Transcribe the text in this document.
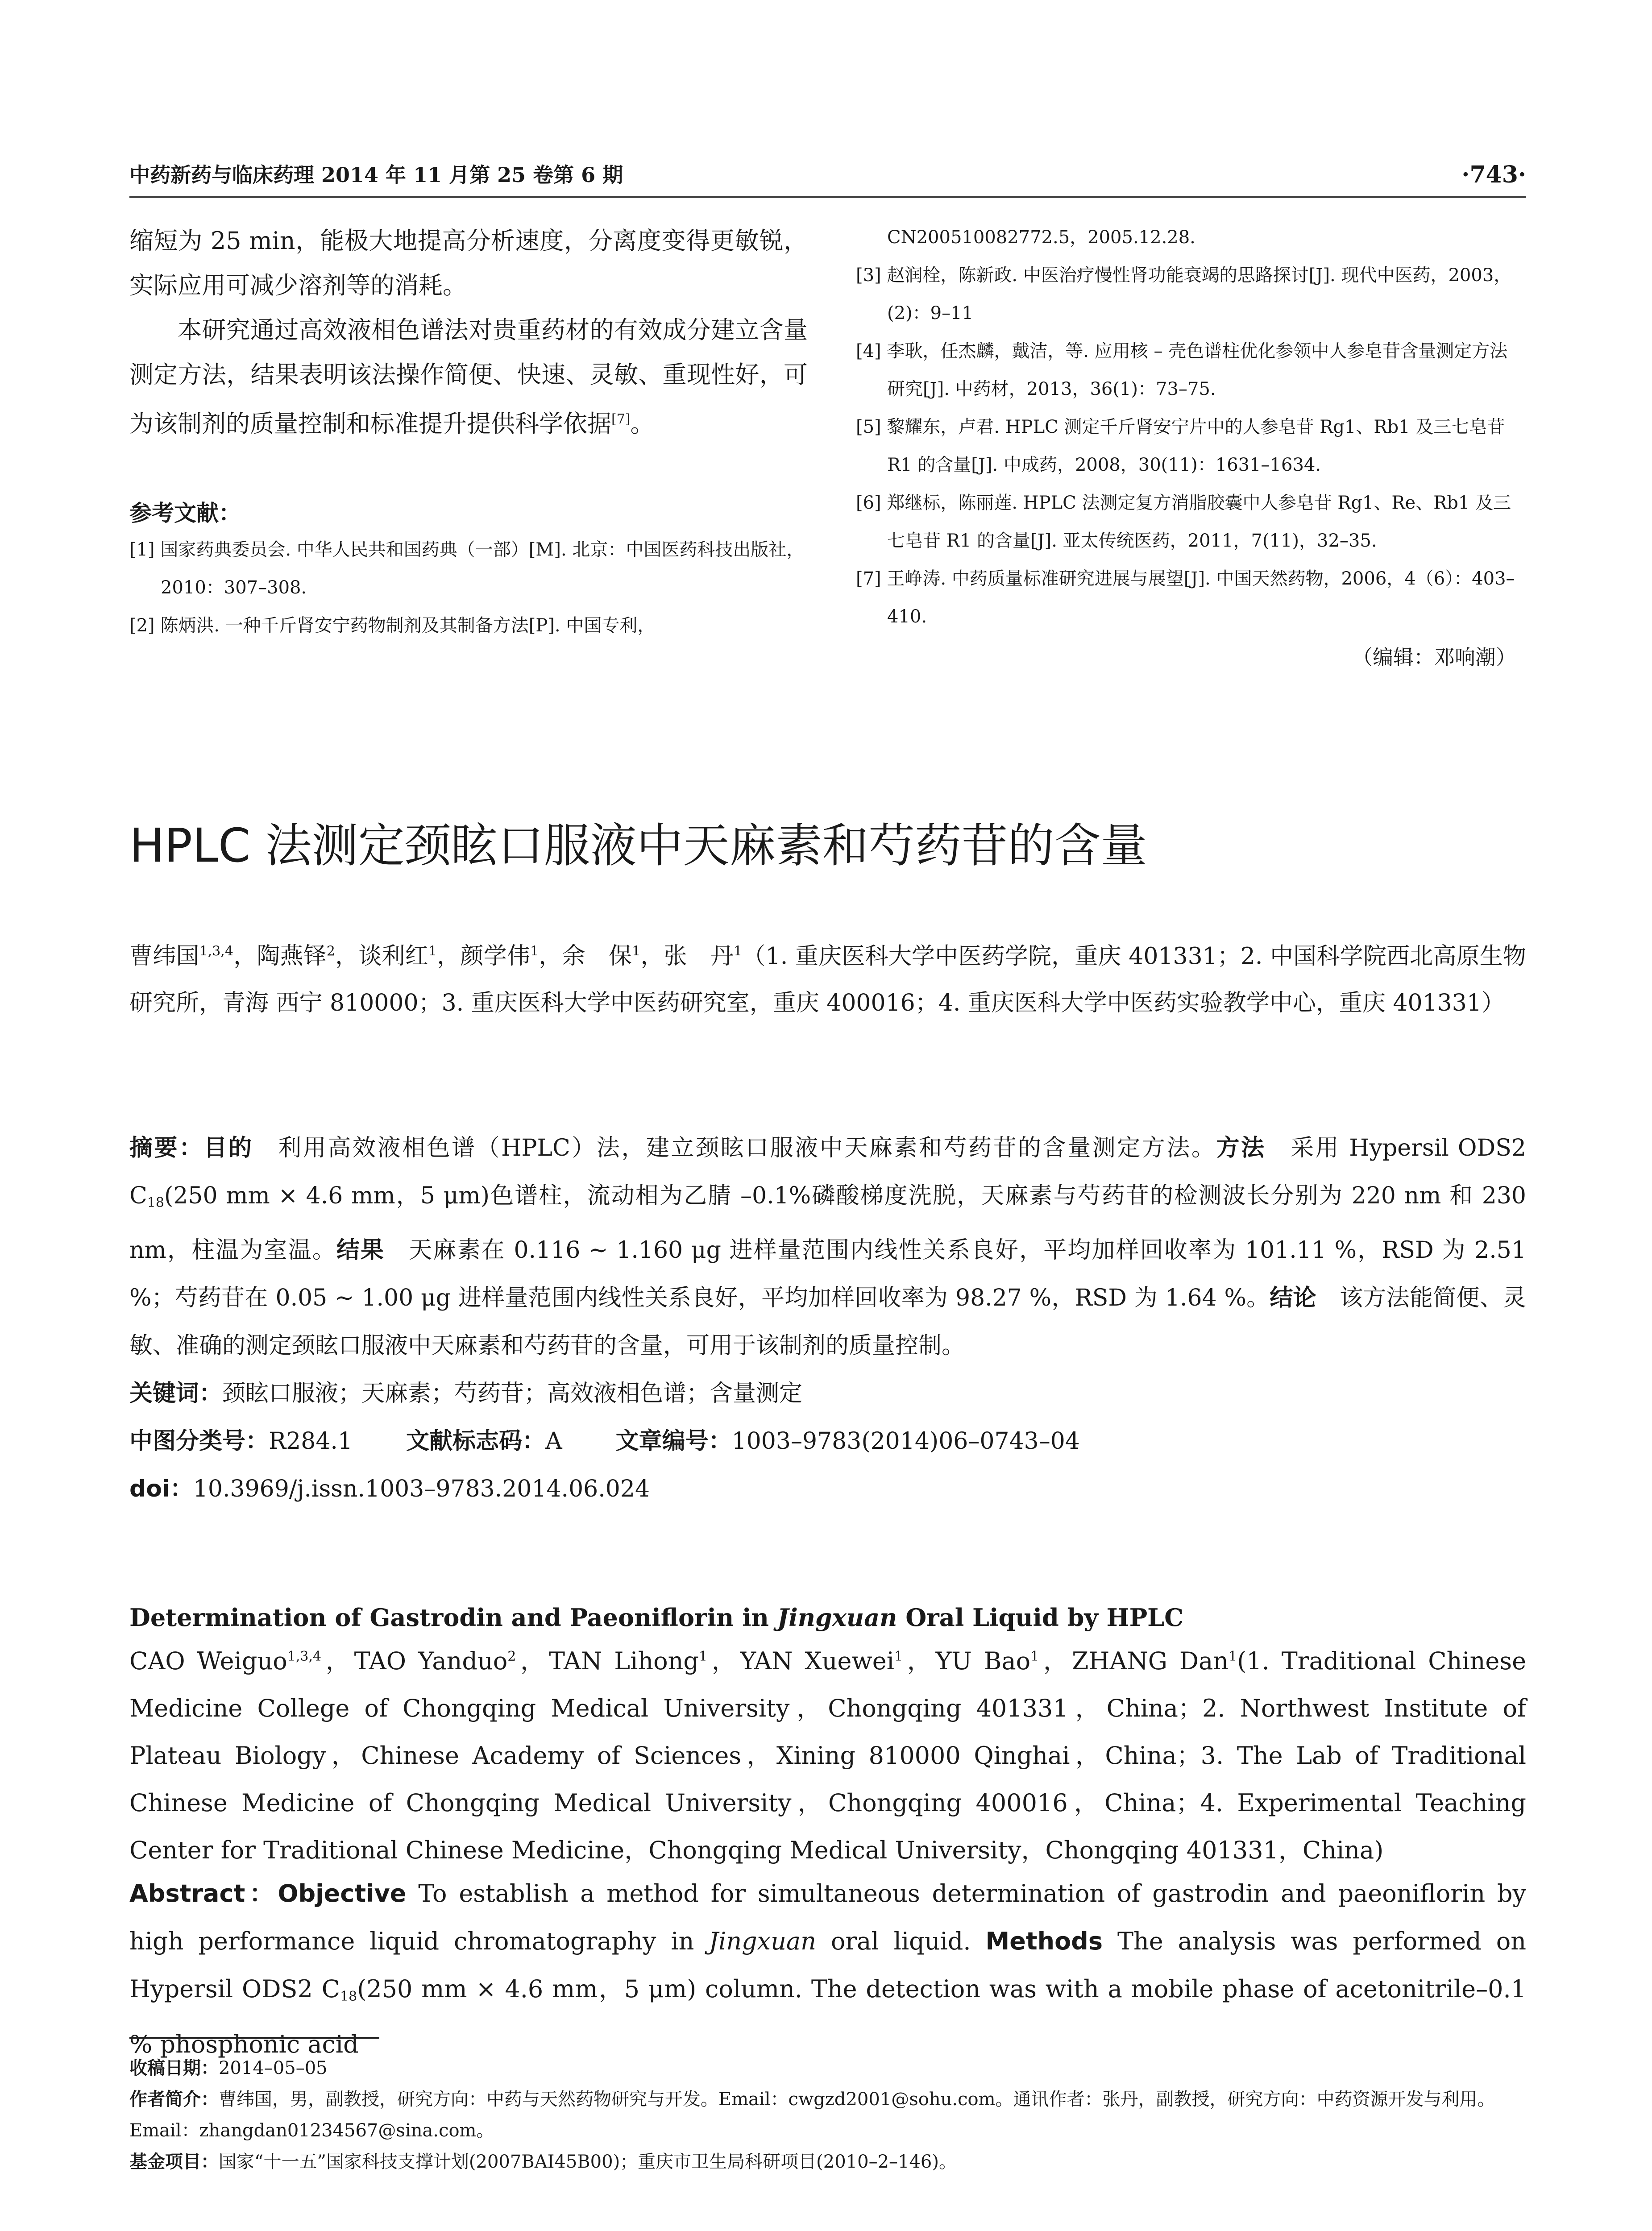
中药新药与临床药理 2014 年 11 月第 25 卷第 6 期	·743·

缩短为 25 min，能极大地提高分析速度，分离度变得更敏锐，实际应用可减少溶剂等的消耗。

本研究通过高效液相色谱法对贵重药材的有效成分建立含量测定方法，结果表明该法操作简便、快速、灵敏、重现性好，可为该制剂的质量控制和标准提升提供科学依据[7]。

参考文献：

[1] 国家药典委员会. 中华人民共和国药典（一部）[M]. 北京：中国医药科技出版社，2010：307–308.

[2] 陈炳洪. 一种千斤肾安宁药物制剂及其制备方法[P]. 中国专利，

CN200510082772.5，2005.12.28.

[3] 赵润栓，陈新政. 中医治疗慢性肾功能衰竭的思路探讨[J]. 现代中医药，2003，(2)：9–11

[4] 李耿，任杰麟，戴洁，等. 应用核 – 壳色谱柱优化参领中人参皂苷含量测定方法研究[J]. 中药材，2013，36(1)：73–75.

[5] 黎耀东，卢君. HPLC 测定千斤肾安宁片中的人参皂苷 Rg1、Rb1 及三七皂苷 R1 的含量[J]. 中成药，2008，30(11)：1631–1634.

[6] 郑继标，陈丽莲. HPLC 法测定复方消脂胶囊中人参皂苷 Rg1、Re、Rb1 及三七皂苷 R1 的含量[J]. 亚太传统医药，2011，7(11)，32–35.

[7] 王峥涛. 中药质量标准研究进展与展望[J]. 中国天然药物，2006，4（6）：403–410.

（编辑：邓响潮）
HPLC 法测定颈眩口服液中天麻素和芍药苷的含量
曹纬国$^{1,3,4}$，陶燕铎$^2$，谈利红$^1$，颜学伟$^1$，余　保$^1$，张　丹$^1$（1. 重庆医科大学中医药学院，重庆 401331；2. 中国科学院西北高原生物研究所，青海 西宁 810000；3. 重庆医科大学中医药研究室，重庆 400016；4. 重庆医科大学中医药实验教学中心，重庆 401331）
摘要：目的　 利用高效液相色谱（HPLC）法，建立颈眩口服液中天麻素和芍药苷的含量测定方法。方法　 采用 Hypersil ODS2 $C_{18}(250$ mm × 4.6 mm，5 μm)色谱柱，流动相为乙腈 –0.1%磷酸梯度洗脱，天麻素与芍药苷的检测波长分别为 220 nm 和 230 nm，柱温为室温。结果　 天麻素在 0.116 ~ 1.160 μg 进样量范围内线性关系良好，平均加样回收率为 101.11 %，RSD 为 2.51 %；芍药苷在 0.05 ~ 1.00 μg 进样量范围内线性关系良好，平均加样回收率为 98.27 %，RSD 为 1.64 %。结论　 该方法能简便、灵敏、准确的测定颈眩口服液中天麻素和芍药苷的含量，可用于该制剂的质量控制。
关键词：颈眩口服液；天麻素；芍药苷；高效液相色谱；含量测定
中图分类号：R284.1 文献标志码：A 文章编号：1003–9783(2014)06–0743–04
doi：10.3969/j.issn.1003–9783.2014.06.024
Determination of Gastrodin and Paeoniflorin in Jingxuan Oral Liquid by HPLC
CAO Weiguo$^{1,3,4}$，TAO Yanduo$^2$，TAN Lihong$^1$，YAN Xuewei$^1$，YU Bao$^1$，ZHANG Dan$^1$(1. Traditional Chinese Medicine College of Chongqing Medical University，Chongqing 401331，China；2. Northwest Institute of Plateau Biology，Chinese Academy of Sciences，Xining 810000 Qinghai，China；3. The Lab of Traditional Chinese Medicine of Chongqing Medical University，Chongqing 400016，China；4. Experimental Teaching Center for Traditional Chinese Medicine，Chongqing Medical University，Chongqing 401331，China)
Abstract：Objective To establish a method for simultaneous determination of gastrodin and paeoniflorin by high performance liquid chromatography in Jingxuan oral liquid. Methods The analysis was performed on Hypersil ODS2 $C_{18}(250$ mm × 4.6 mm，5 μm) column. The detection was with a mobile phase of acetonitrile–0.1 % phosphonic acid

收稿日期：2014–05–05

作者简介：曹纬国，男，副教授，研究方向：中药与天然药物研究与开发。Email：cwgzd2001@sohu.com。通讯作者：张丹，副教授，研究方向：中药资源开发与利用。Email：zhangdan01234567@sina.com。

基金项目：国家“十一五”国家科技支撑计划(2007BAI45B00)；重庆市卫生局科研项目(2010–2–146)。
